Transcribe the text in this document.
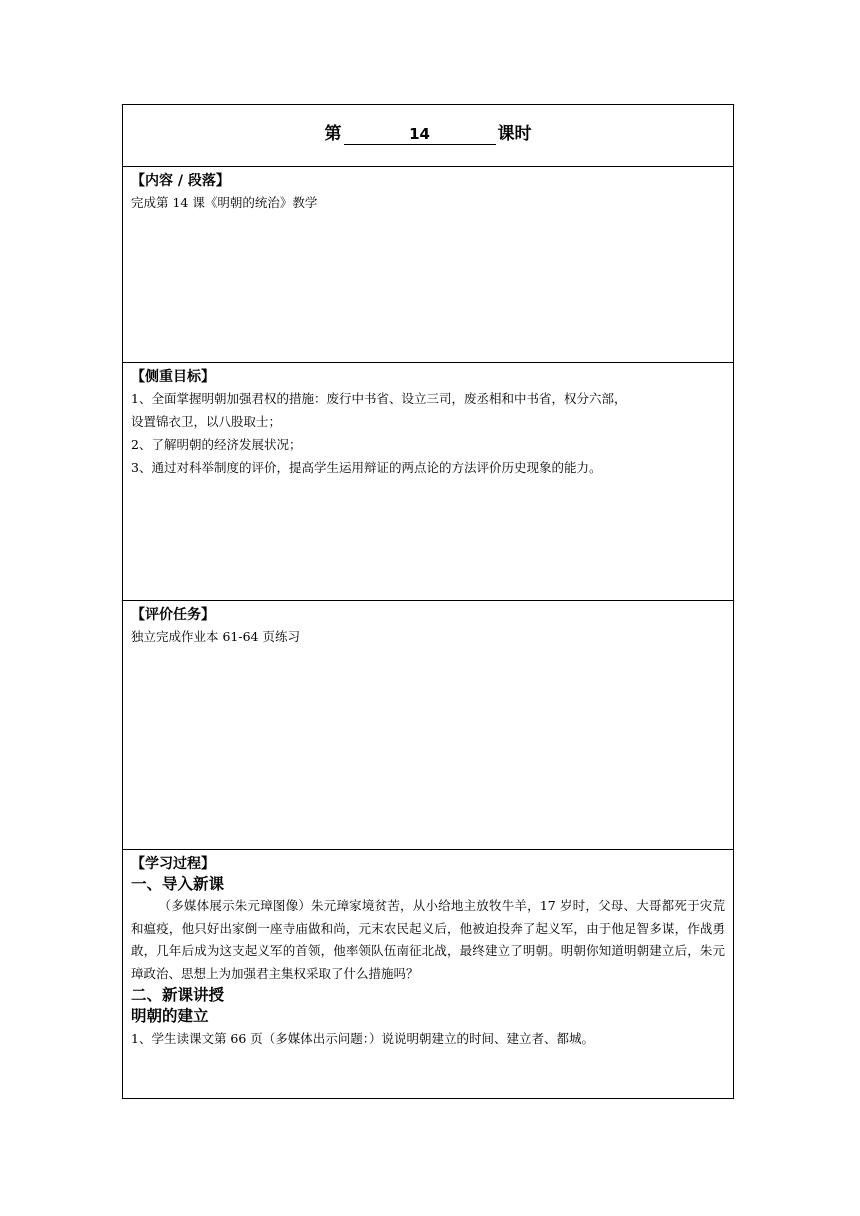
第	14	课时

【内容 / 段落】

完成第 14 课《明朝的统治》教学

【侧重目标】

1、全面掌握明朝加强君权的措施：废行中书省、设立三司，废丞相和中书省，权分六部，

设置锦衣卫，以八股取士；

2、了解明朝的经济发展状况；

3、通过对科举制度的评价，提高学生运用辩证的两点论的方法评价历史现象的能力。

【评价任务】

独立完成作业本 61-64 页练习

【学习过程】

一、导入新课

（多媒体展示朱元璋图像）朱元璋家境贫苦，从小给地主放牧牛羊，17 岁时，父母、大哥都死于灾荒和瘟疫，他只好出家倒一座寺庙做和尚，元末农民起义后，他被迫投奔了起义军，由于他足智多谋，作战勇敢，几年后成为这支起义军的首领，他率领队伍南征北战，最终建立了明朝。明朝你知道明朝建立后，朱元璋政治、思想上为加强君主集权采取了什么措施吗？

二、新课讲授

明朝的建立

1、学生读课文第 66 页（多媒体出示问题：）说说明朝建立的时间、建立者、都城。
